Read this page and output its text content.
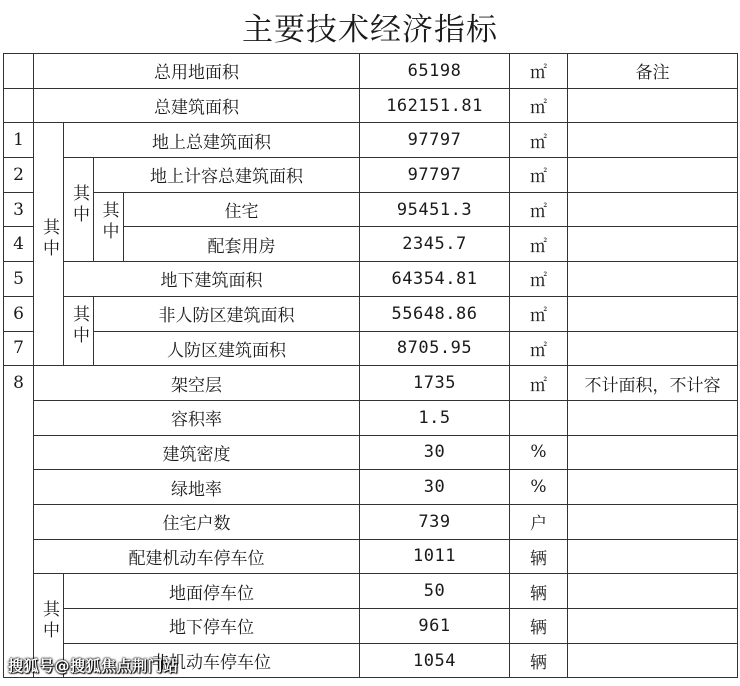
主要技术经济指标
	总用地面积				65198	㎡	备注
	总建筑面积				162151.81	㎡	
1	其中	地上总建筑面积			97797	㎡	
2		其中	地上计容总建筑面积		97797	㎡	
3			其中	住宅	95451.3	㎡	
4				配套用房	2345.7	㎡	
5		地下建筑面积			64354.81	㎡	
6		其中	非人防区建筑面积		55648.86	㎡	
7			人防区建筑面积		8705.95	㎡	
8	架空层				1735	㎡	不计面积，不计容
	容积率				1.5		
	建筑密度				30	%	
	绿地率				30	%	
	住宅户数				739	户	
	配建机动车停车位				1011	辆	
	其中	地面停车位			50	辆	
		地下停车位			961	辆	
		非机动车停车位			1054	辆	
搜狐号@搜狐焦点荆门站
